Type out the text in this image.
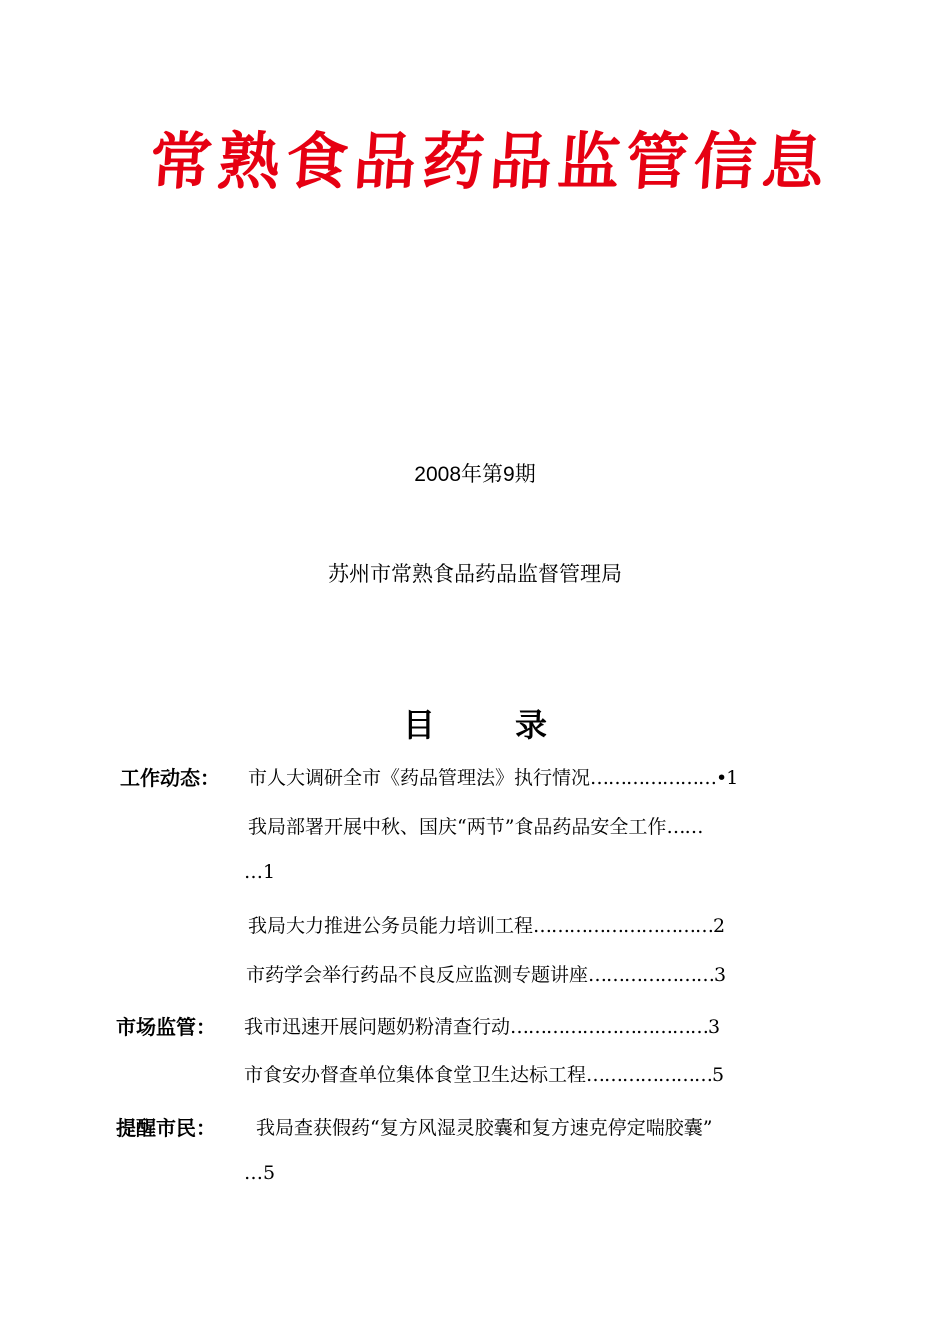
常熟食品药品监管信息
2008年第9期
苏州市常熟食品药品监督管理局
目	录
工作动态： 市人大调研全市《药品管理法》执行情况…………………•1
我局部署开展中秋、国庆“两节”食品药品安全工作……
…1
我局大力推进公务员能力培训工程…………………………2
市药学会举行药品不良反应监测专题讲座…………………3
市场监管： 我市迅速开展问题奶粉清查行动……………………………3
市食安办督查单位集体食堂卫生达标工程…………………5
提醒市民： 我局查获假药“复方风湿灵胶囊和复方速克停定喘胶囊”
…5
